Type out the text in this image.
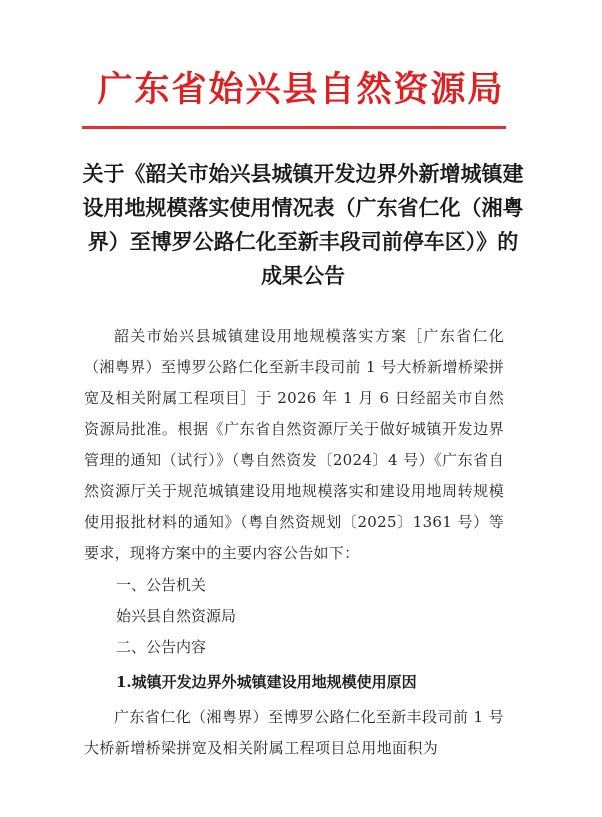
广东省始兴县自然资源局
关于《韶关市始兴县城镇开发边界外新增城镇建设用地规模落实使用情况表（广东省仁化（湘粤界）至博罗公路仁化至新丰段司前停车区）》的成果公告
韶关市始兴县城镇建设用地规模落实方案［广东省仁化（湘粤界）至博罗公路仁化至新丰段司前 1 号大桥新增桥梁拼宽及相关附属工程项目］于 2026 年 1 月 6 日经韶关市自然资源局批准。根据《广东省自然资源厅关于做好城镇开发边界管理的通知（试行）》（粤自然资发〔2024〕4 号）《广东省自然资源厅关于规范城镇建设用地规模落实和建设用地周转规模使用报批材料的通知》（粤自然资规划〔2025〕1361 号）等要求，现将方案中的主要内容公告如下：
一、公告机关
始兴县自然资源局
二、公告内容
1.城镇开发边界外城镇建设用地规模使用原因
广东省仁化（湘粤界）至博罗公路仁化至新丰段司前 1 号大桥新增桥梁拼宽及相关附属工程项目总用地面积为
